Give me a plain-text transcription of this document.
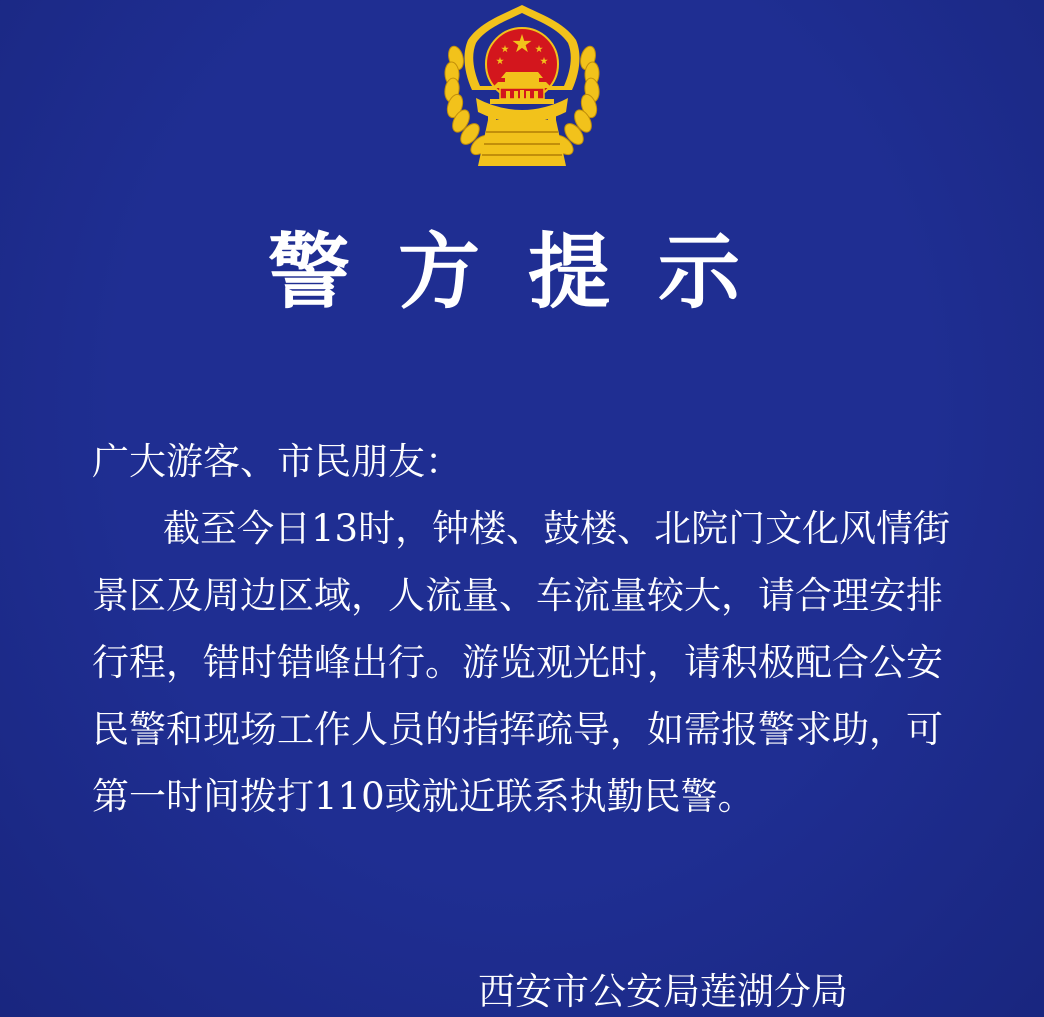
警方提示
广大游客、市民朋友：
截至今日13时，钟楼、鼓楼、北院门文化风情街
景区及周边区域，人流量、车流量较大，请合理安排
行程，错时错峰出行。游览观光时，请积极配合公安
民警和现场工作人员的指挥疏导，如需报警求助，可
第一时间拨打110或就近联系执勤民警。
西安市公安局莲湖分局
